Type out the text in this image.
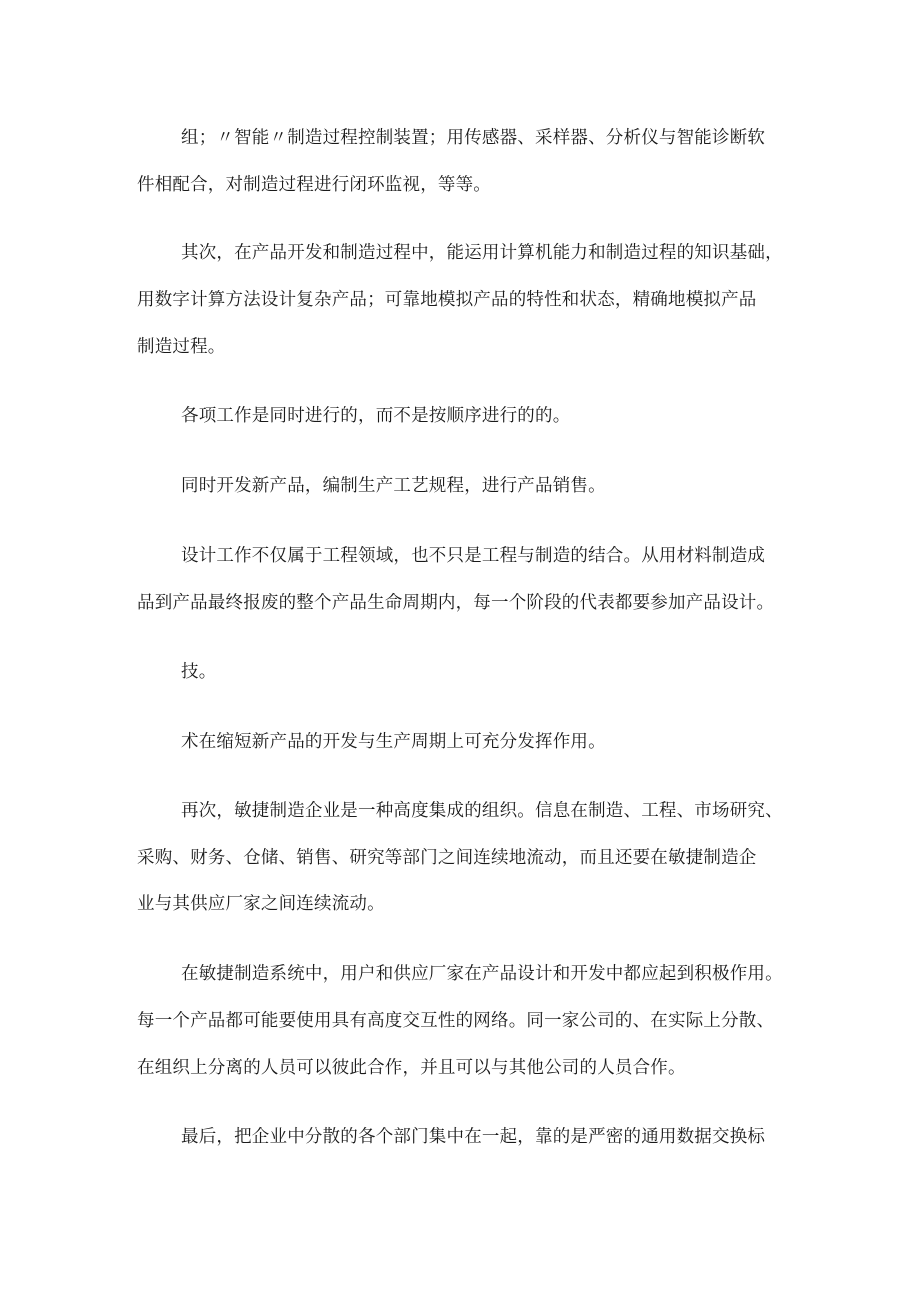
组；〃智能〃制造过程控制装置；用传感器、采样器、分析仪与智能诊断软
件相配合，对制造过程进行闭环监视，等等。
其次，在产品开发和制造过程中，能运用计算机能力和制造过程的知识基础，
用数字计算方法设计复杂产品；可靠地模拟产品的特性和状态，精确地模拟产品
制造过程。
各项工作是同时进行的，而不是按顺序进行的的。
同时开发新产品，编制生产工艺规程，进行产品销售。
设计工作不仅属于工程领域，也不只是工程与制造的结合。从用材料制造成
品到产品最终报废的整个产品生命周期内，每一个阶段的代表都要参加产品设计。
技。
术在缩短新产品的开发与生产周期上可充分发挥作用。
再次，敏捷制造企业是一种高度集成的组织。信息在制造、工程、市场研究、
采购、财务、仓储、销售、研究等部门之间连续地流动，而且还要在敏捷制造企
业与其供应厂家之间连续流动。
在敏捷制造系统中，用户和供应厂家在产品设计和开发中都应起到积极作用。
每一个产品都可能要使用具有高度交互性的网络。同一家公司的、在实际上分散、
在组织上分离的人员可以彼此合作，并且可以与其他公司的人员合作。
最后，把企业中分散的各个部门集中在一起，靠的是严密的通用数据交换标
